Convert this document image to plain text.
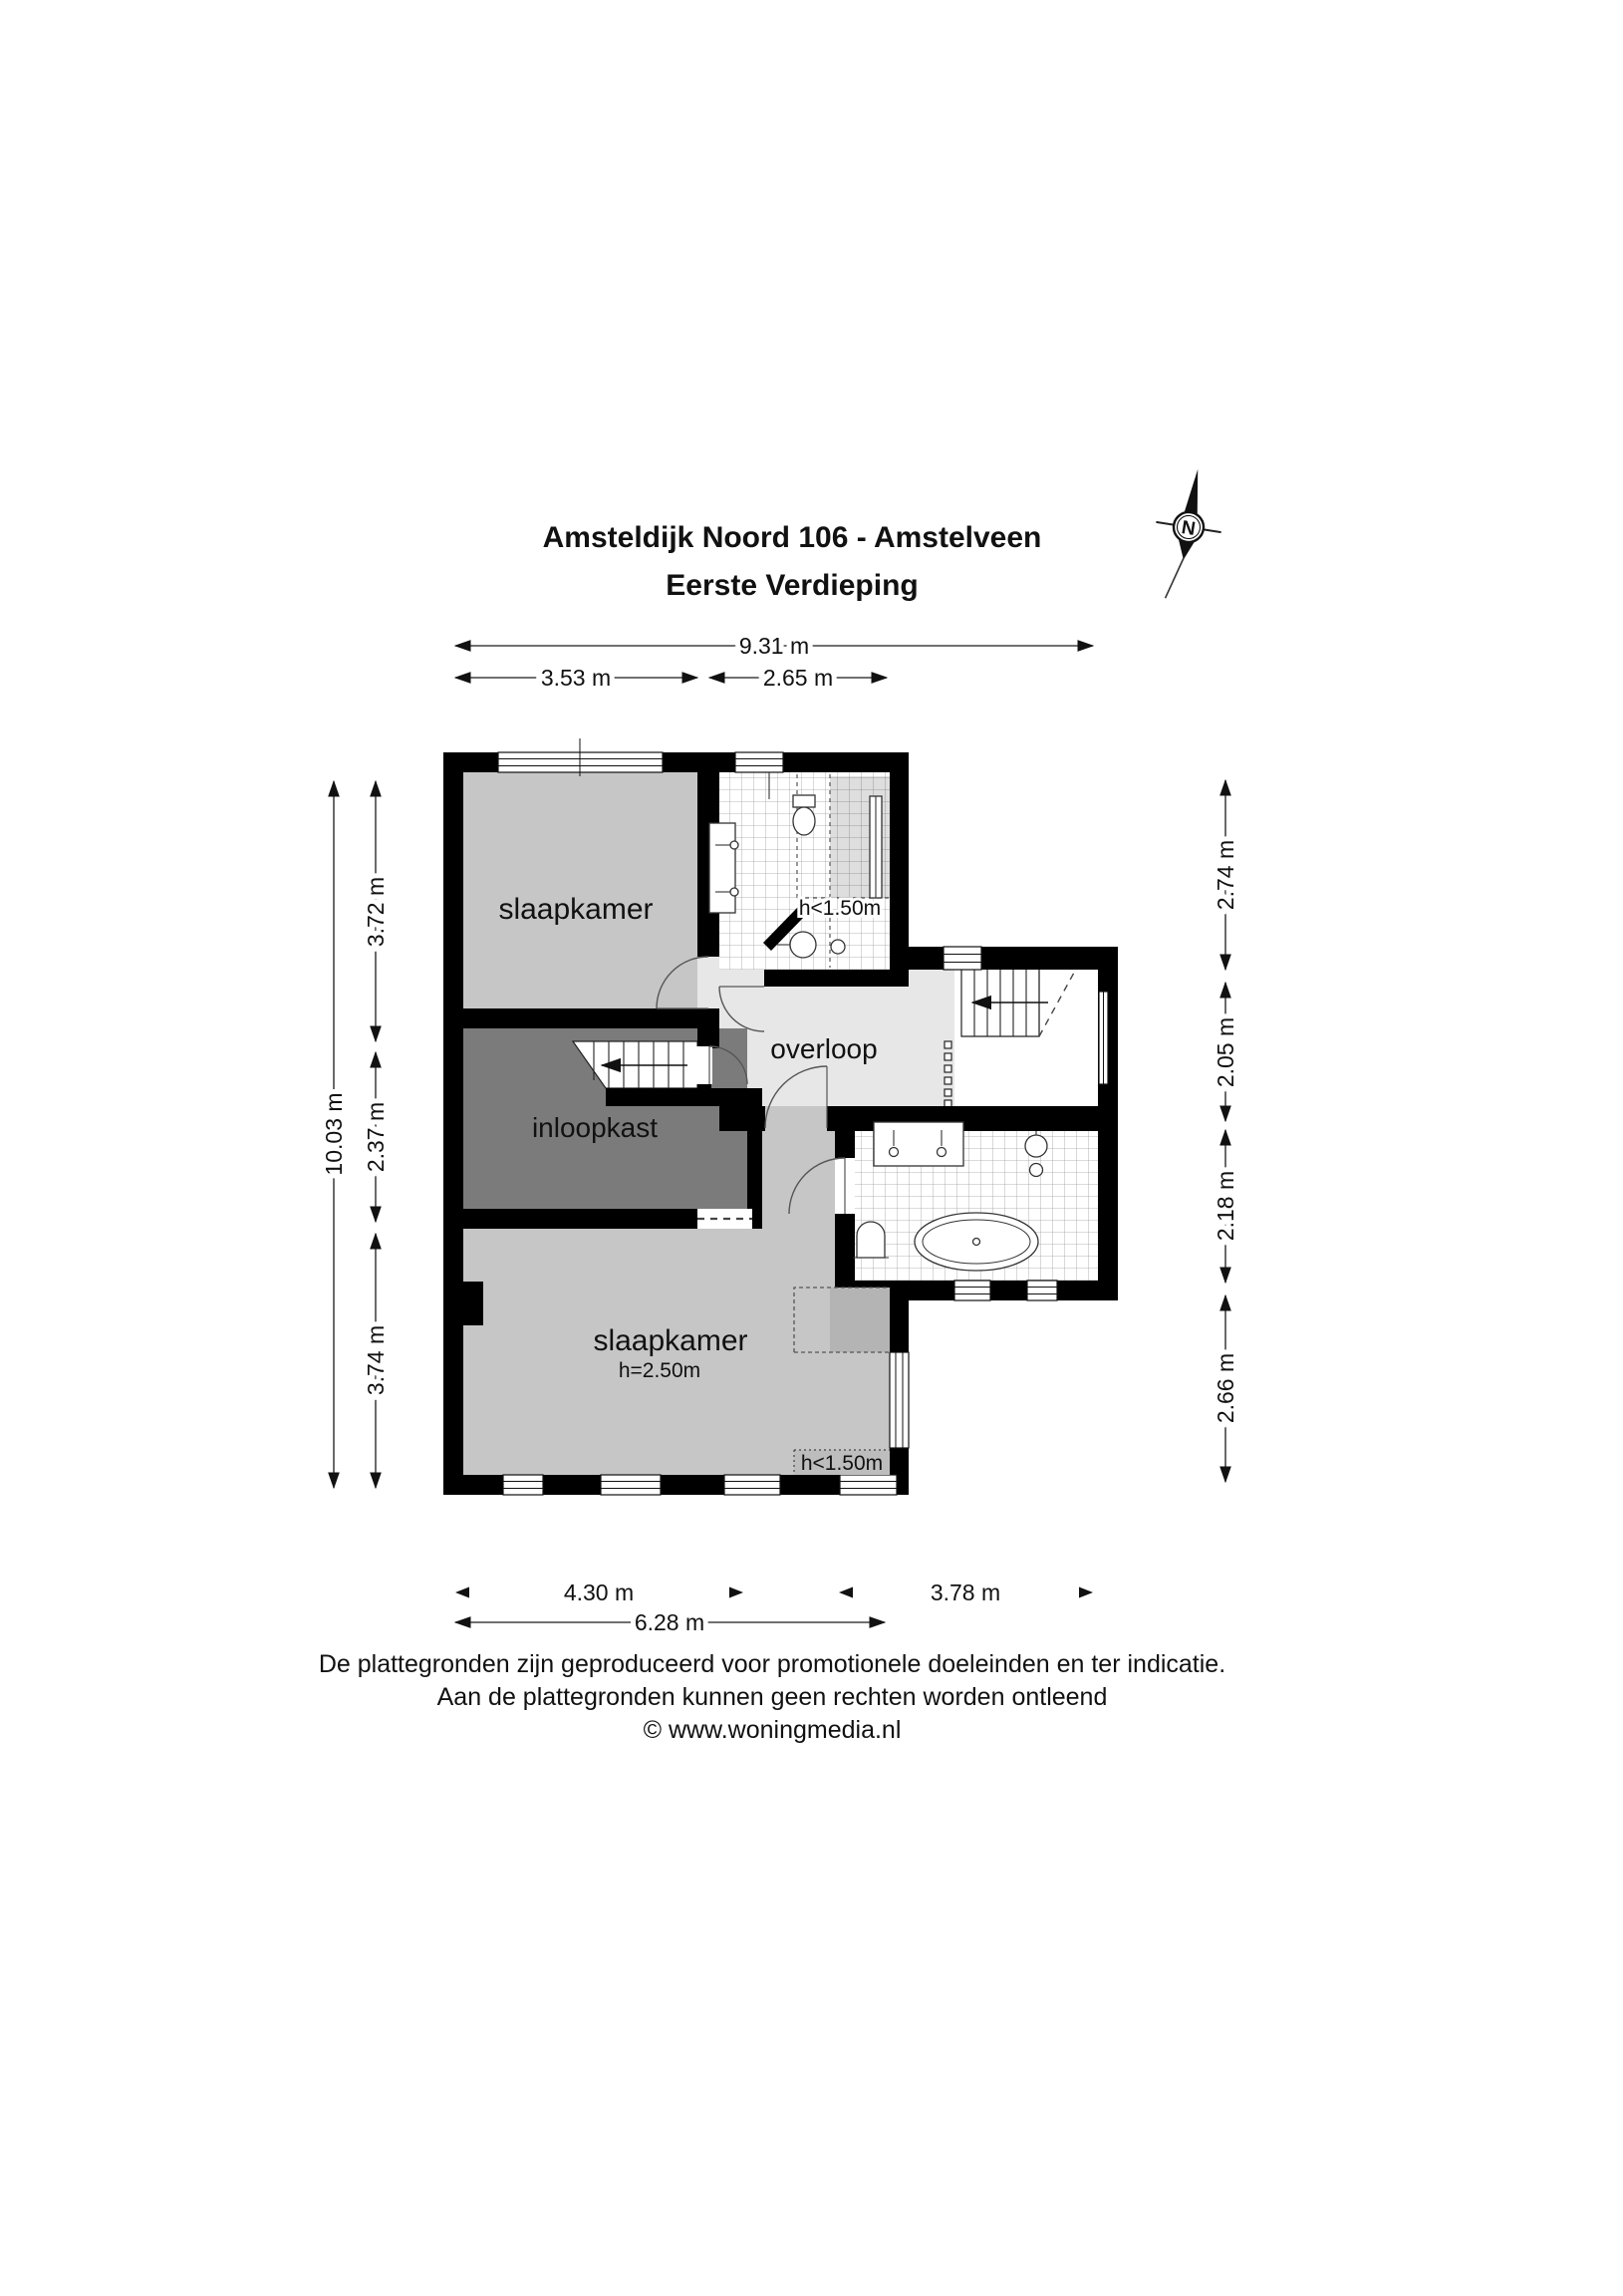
Amsteldijk Noord 106 - Amstelveen
Eerste Verdieping
N
slaapkamer
inloopkast
overloop
slaapkamer
h=2.50m
h<1.50m
h<1.50m
9.31 m
3.53 m	2.65 m
10.03 m
3.72 m
2.37 m
3.74 m
2.74 m
2.05 m
2.18 m
2.66 m
4.30 m	3.78 m
6.28 m
De plattegronden zijn geproduceerd voor promotionele doeleinden en ter indicatie.
Aan de plattegronden kunnen geen rechten worden ontleend
© www.woningmedia.nl
